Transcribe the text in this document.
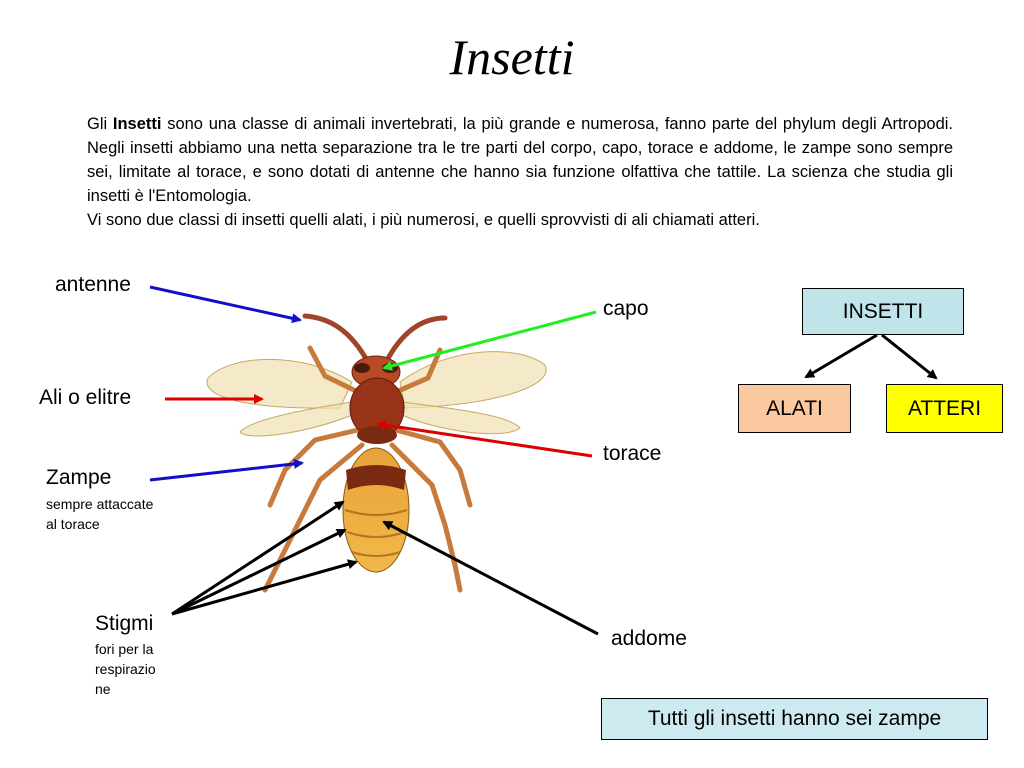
Insetti

Gli Insetti sono una classe di animali invertebrati, la più grande e numerosa, fanno parte del phylum degli Artropodi. Negli insetti abbiamo una netta separazione tra le tre parti del corpo, capo, torace e addome, le zampe sono sempre sei, limitate al torace, e sono dotati di antenne che hanno sia funzione olfattiva che tattile. La scienza che studia gli insetti è l'Entomologia.

Vi sono due classi di insetti quelli alati, i più numerosi, e quelli sprovvisti di ali chiamati atteri.

antenne
Ali o elitre
Zampe
sempre attaccate
al torace
Stigmi
fori per la
respirazio
ne
capo
torace
addome
INSETTI
ALATI	ATTERI
Tutti gli insetti hanno sei zampe
